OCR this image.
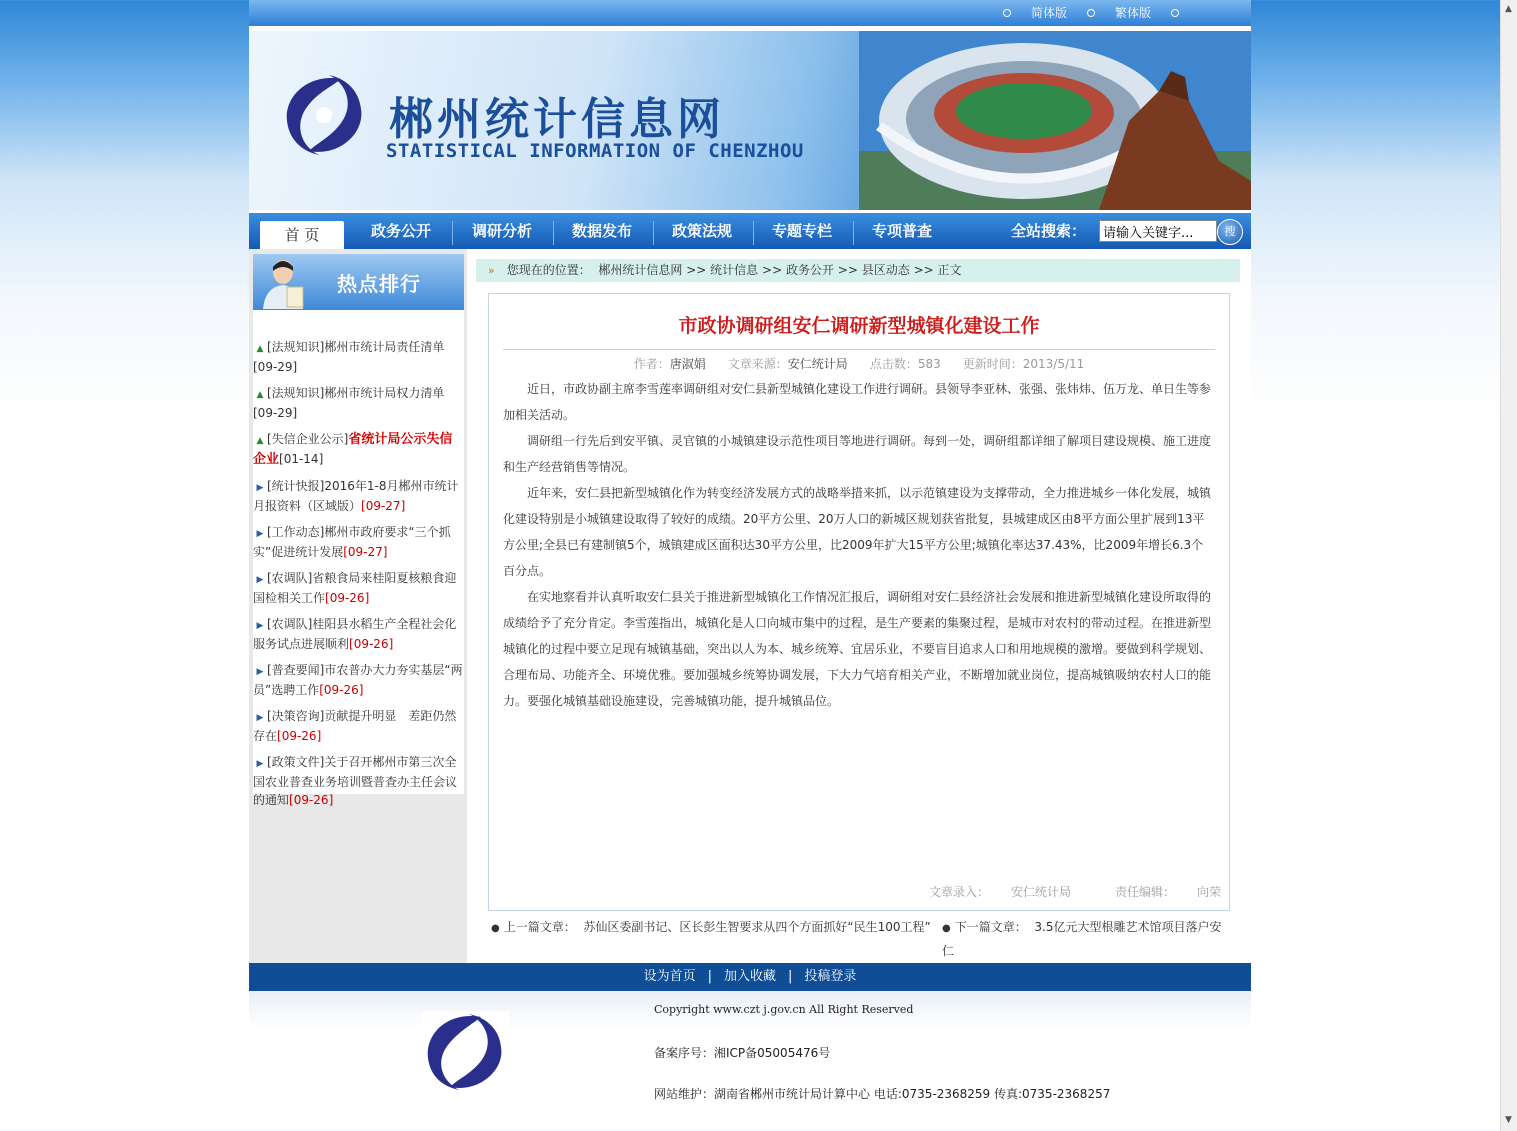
▲
▼
简体版	繁体版
郴州统计信息网
STATISTICAL INFORMATION OF CHENZHOU
首 页	政务公开	调研分析	数据发布	政策法规	专题专栏	专项普查	全站搜索：
请输入关键字...	搜
热点排行
▲ [法规知识]郴州市统计局责任清单
[09-29]
▲ [法规知识]郴州市统计局权力清单
[09-29]
▲ [失信企业公示]省统计局公示失信企业[01-14]
▶ [统计快报]2016年1-8月郴州市统计月报资料（区域版）[09-27]
▶ [工作动态]郴州市政府要求“三个抓实”促进统计发展[09-27]
▶ [农调队]省粮食局来桂阳夏核粮食迎国检相关工作[09-26]
▶ [农调队]桂阳县水稻生产全程社会化服务试点进展顺利[09-26]
▶ [普查要闻]市农普办大力夯实基层“两员”选聘工作[09-26]
▶ [决策咨询]贡献提升明显　差距仍然存在[09-26]
▶ [政策文件]关于召开郴州市第三次全国农业普查业务培训暨普查办主任会议的通知[09-26]
» 您现在的位置： 郴州统计信息网 >> 统计信息 >> 政务公开 >> 县区动态 >> 正文
市政协调研组安仁调研新型城镇化建设工作
作者：唐淑娟 文章来源：安仁统计局 点击数：583 更新时间：2013/5/11

近日，市政协副主席李雪莲率调研组对安仁县新型城镇化建设工作进行调研。县领导李亚林、张强、张炜炜、伍万龙、单日生等参加相关活动。

调研组一行先后到安平镇、灵官镇的小城镇建设示范性项目等地进行调研。每到一处，调研组都详细了解项目建设规模、施工进度和生产经营销售等情况。

近年来，安仁县把新型城镇化作为转变经济发展方式的战略举措来抓，以示范镇建设为支撑带动，全力推进城乡一体化发展，城镇化建设特别是小城镇建设取得了较好的成绩。20平方公里、20万人口的新城区规划获省批复，县城建成区由8平方面公里扩展到13平方公里;全县已有建制镇5个，城镇建成区面积达30平方公里，比2009年扩大15平方公里;城镇化率达37.43%，比2009年增长6.3个百分点。

在实地察看并认真听取安仁县关于推进新型城镇化工作情况汇报后，调研组对安仁县经济社会发展和推进新型城镇化建设所取得的成绩给予了充分肯定。李雪莲指出，城镇化是人口向城市集中的过程，是生产要素的集聚过程，是城市对农村的带动过程。在推进新型城镇化的过程中要立足现有城镇基础，突出以人为本、城乡统筹、宜居乐业，不要盲目追求人口和用地规模的激增。要做到科学规划、合理布局、功能齐全、环境优雅。要加强城乡统筹协调发展，下大力气培育相关产业，不断增加就业岗位，提高城镇吸纳农村人口的能力。要强化城镇基础设施建设，完善城镇功能，提升城镇品位。

文章录入： 安仁统计局	责任编辑： 向荣
● 上一篇文章： 苏仙区委副书记、区长彭生智要求从四个方面抓好“民生100工程” ● 下一篇文章： 3.5亿元大型根雕艺术馆项目落户安仁
设为首页 | 加入收藏 | 投稿登录
Copyright www.czt j.gov.cn All Right Reserved
备案序号：湘ICP备05005476号
网站维护：湖南省郴州市统计局计算中心 电话:0735-2368259 传真:0735-2368257
